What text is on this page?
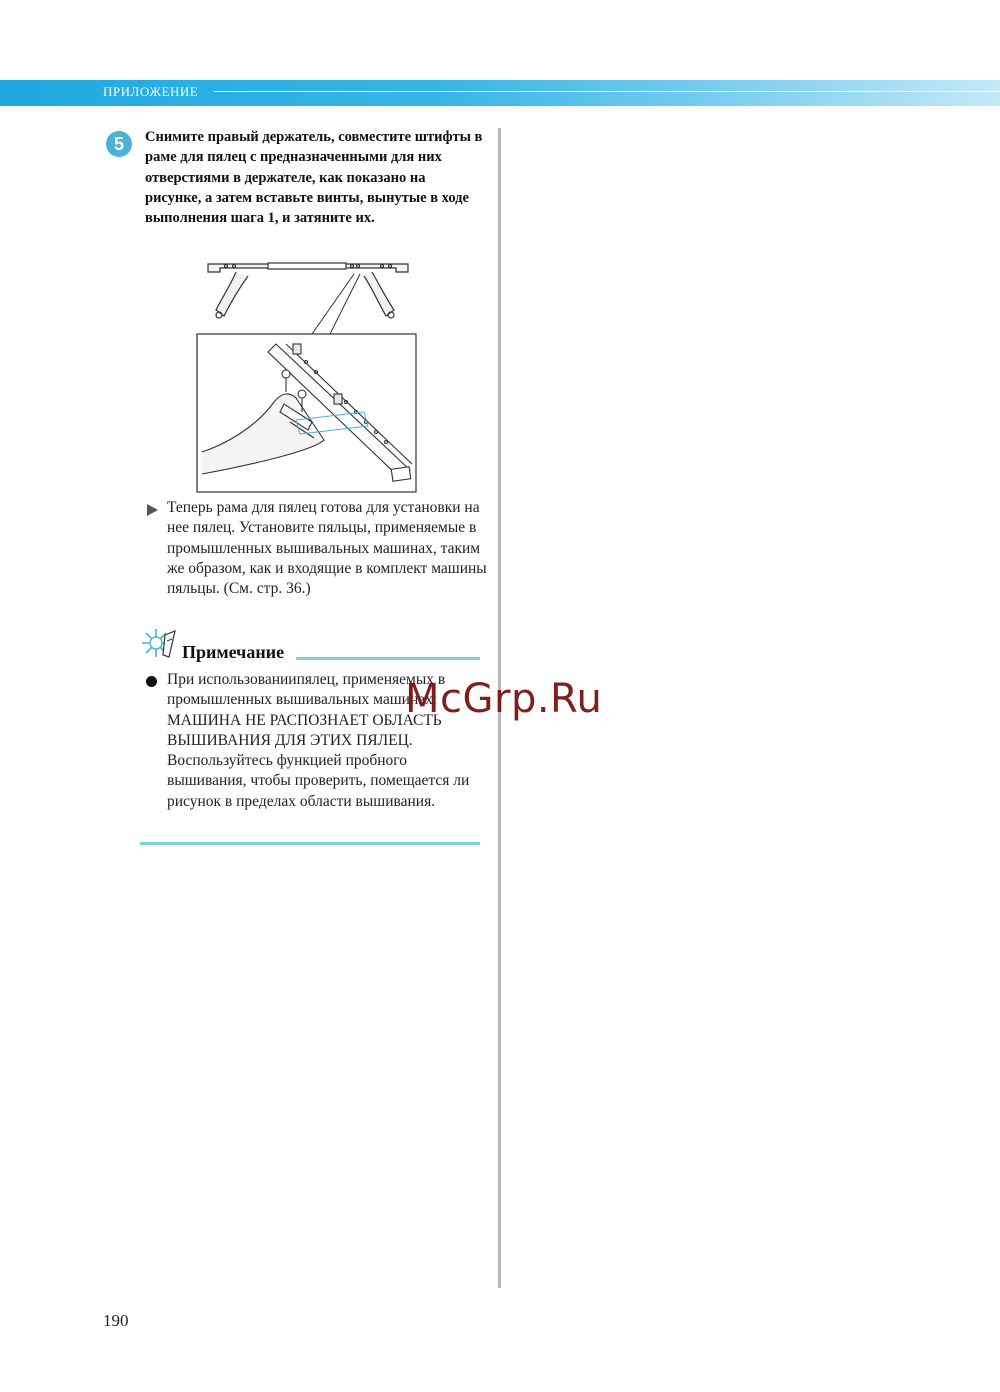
ПРИЛОЖЕНИЕ
5	Снимите правый держатель, совместите штифты в раме для пялец с предназначенными для них отверстиями в держателе, как показано на рисунке, а затем вставьте винты, вынутые в ходе выполнения шага 1, и затяните их.
Теперь рама для пялец готова для установки на нее пялец. Установите пяльцы, применяемые в промышленных вышивальных машинах, таким же образом, как и входящие в комплект машины пяльцы. (См. стр. 36.)
Примечание
При использованиипялец, применяемых в промышленных вышивальных машинах, МАШИНА НЕ РАСПОЗНАЕТ ОБЛАСТЬ ВЫШИВАНИЯ ДЛЯ ЭТИХ ПЯЛЕЦ. Воспользуйтесь функцией пробного вышивания, чтобы проверить, помещается ли рисунок в пределах области вышивания.
McGrp.Ru
190
